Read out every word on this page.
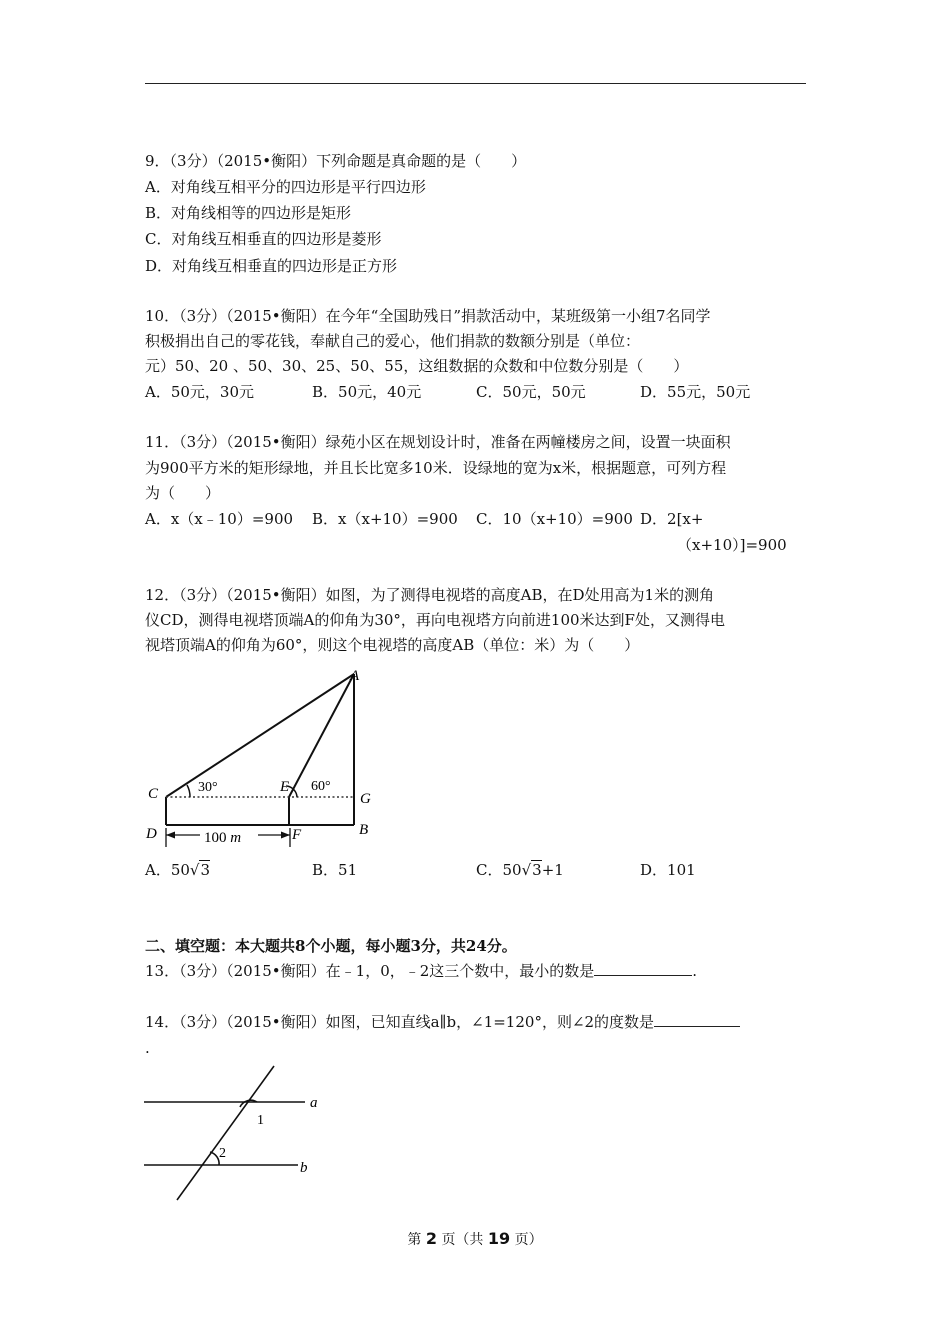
9．（3分）（2015•衡阳）下列命题是真命题的是（　　）
A．对角线互相平分的四边形是平行四边形
B．对角线相等的四边形是矩形
C．对角线互相垂直的四边形是菱形
D．对角线互相垂直的四边形是正方形
10．（3分）（2015•衡阳）在今年“全国助残日”捐款活动中，某班级第一小组7名同学
积极捐出自己的零花钱，奉献自己的爱心，他们捐款的数额分别是（单位：
元）50、20 、50、30、25、50、55，这组数据的众数和中位数分别是（　　）
A．50元，30元	B．50元，40元	C．50元，50元	D．55元，50元
11．（3分）（2015•衡阳）绿苑小区在规划设计时，准备在两幢楼房之间，设置一块面积
为900平方米的矩形绿地，并且长比宽多10米．设绿地的宽为x米，根据题意，可列方程
为（　　）
A．x（x﹣10）=900 B．x（x+10）=900 C．10（x+10）=900 D．2[x+
（x+10）]=900
12．（3分）（2015•衡阳）如图，为了测得电视塔的高度AB，在D处用高为1米的测角
仪CD，测得电视塔顶端A的仰角为30°，再向电视塔方向前进100米达到F处，又测得电
视塔顶端A的仰角为60°，则这个电视塔的高度AB（单位：米）为（　　）
100 m
A
B
C
D
E
F
G
30°	60°
A．50√3	B．51	C．50√3+1	D．101
二、填空题：本大题共8个小题，每小题3分，共24分。
13．（3分）（2015•衡阳）在﹣1，0，﹣2这三个数中，最小的数是	.
14．（3分）（2015•衡阳）如图，已知直线a∥b，∠1=120°，则∠2的度数是
.
a
b
1
2
第 2 页（共 19 页）
